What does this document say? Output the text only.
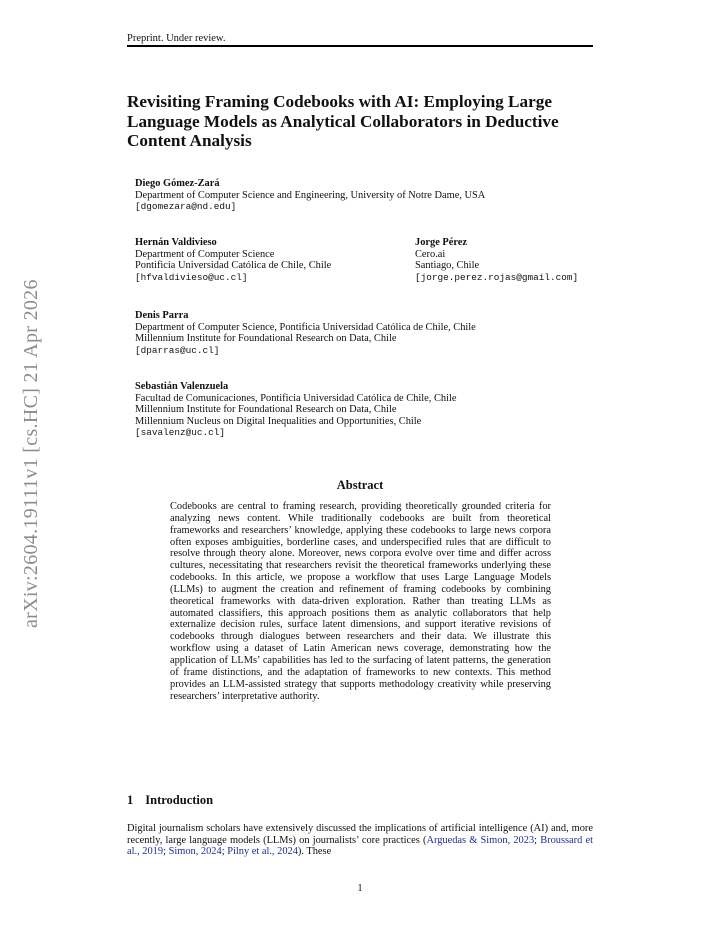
Preprint. Under review.
arXiv:2604.19111v1 [cs.HC] 21 Apr 2026
Revisiting Framing Codebooks with AI: Employing Large
Language Models as Analytical Collaborators in Deductive
Content Analysis
Diego Gómez-Zará
Department of Computer Science and Engineering, University of Notre Dame, USA
[dgomezara@nd.edu]
Hernán Valdivieso
Department of Computer Science
Pontificia Universidad Católica de Chile, Chile
[hfvaldivieso@uc.cl]
Jorge Pérez
Cero.ai
Santiago, Chile
[jorge.perez.rojas@gmail.com]
Denis Parra
Department of Computer Science, Pontificia Universidad Católica de Chile, Chile
Millennium Institute for Foundational Research on Data, Chile
[dparras@uc.cl]
Sebastián Valenzuela
Facultad de Comunicaciones, Pontificia Universidad Católica de Chile, Chile
Millennium Institute for Foundational Research on Data, Chile
Millennium Nucleus on Digital Inequalities and Opportunities, Chile
[savalenz@uc.cl]
Abstract
Codebooks are central to framing research, providing theoretically grounded criteria for analyzing news content. While traditionally codebooks are built from theoretical frameworks and researchers’ knowledge, applying these codebooks to large news corpora often exposes ambiguities, borderline cases, and underspecified rules that are difficult to resolve through theory alone. Moreover, news corpora evolve over time and differ across cultures, necessitating that researchers revisit the theoretical frameworks underlying these codebooks. In this article, we propose a workflow that uses Large Language Models (LLMs) to augment the creation and refinement of framing codebooks by combining theoretical frameworks with data-driven exploration. Rather than treating LLMs as automated classifiers, this approach positions them as analytic collaborators that help externalize decision rules, surface latent dimensions, and support iterative revisions of codebooks through dialogues between researchers and their data. We illustrate this workflow using a dataset of Latin American news coverage, demonstrating how the application of LLMs’ capabilities has led to the surfacing of latent patterns, the generation of frame distinctions, and the adaptation of frameworks to new contexts. This method provides an LLM-assisted strategy that supports methodology creativity while preserving researchers’ interpretative authority.
1 Introduction
Digital journalism scholars have extensively discussed the implications of artificial intelligence (AI) and, more recently, large language models (LLMs) on journalists’ core practices (Arguedas & Simon, 2023; Broussard et al., 2019; Simon, 2024; Pilny et al., 2024). These
1
